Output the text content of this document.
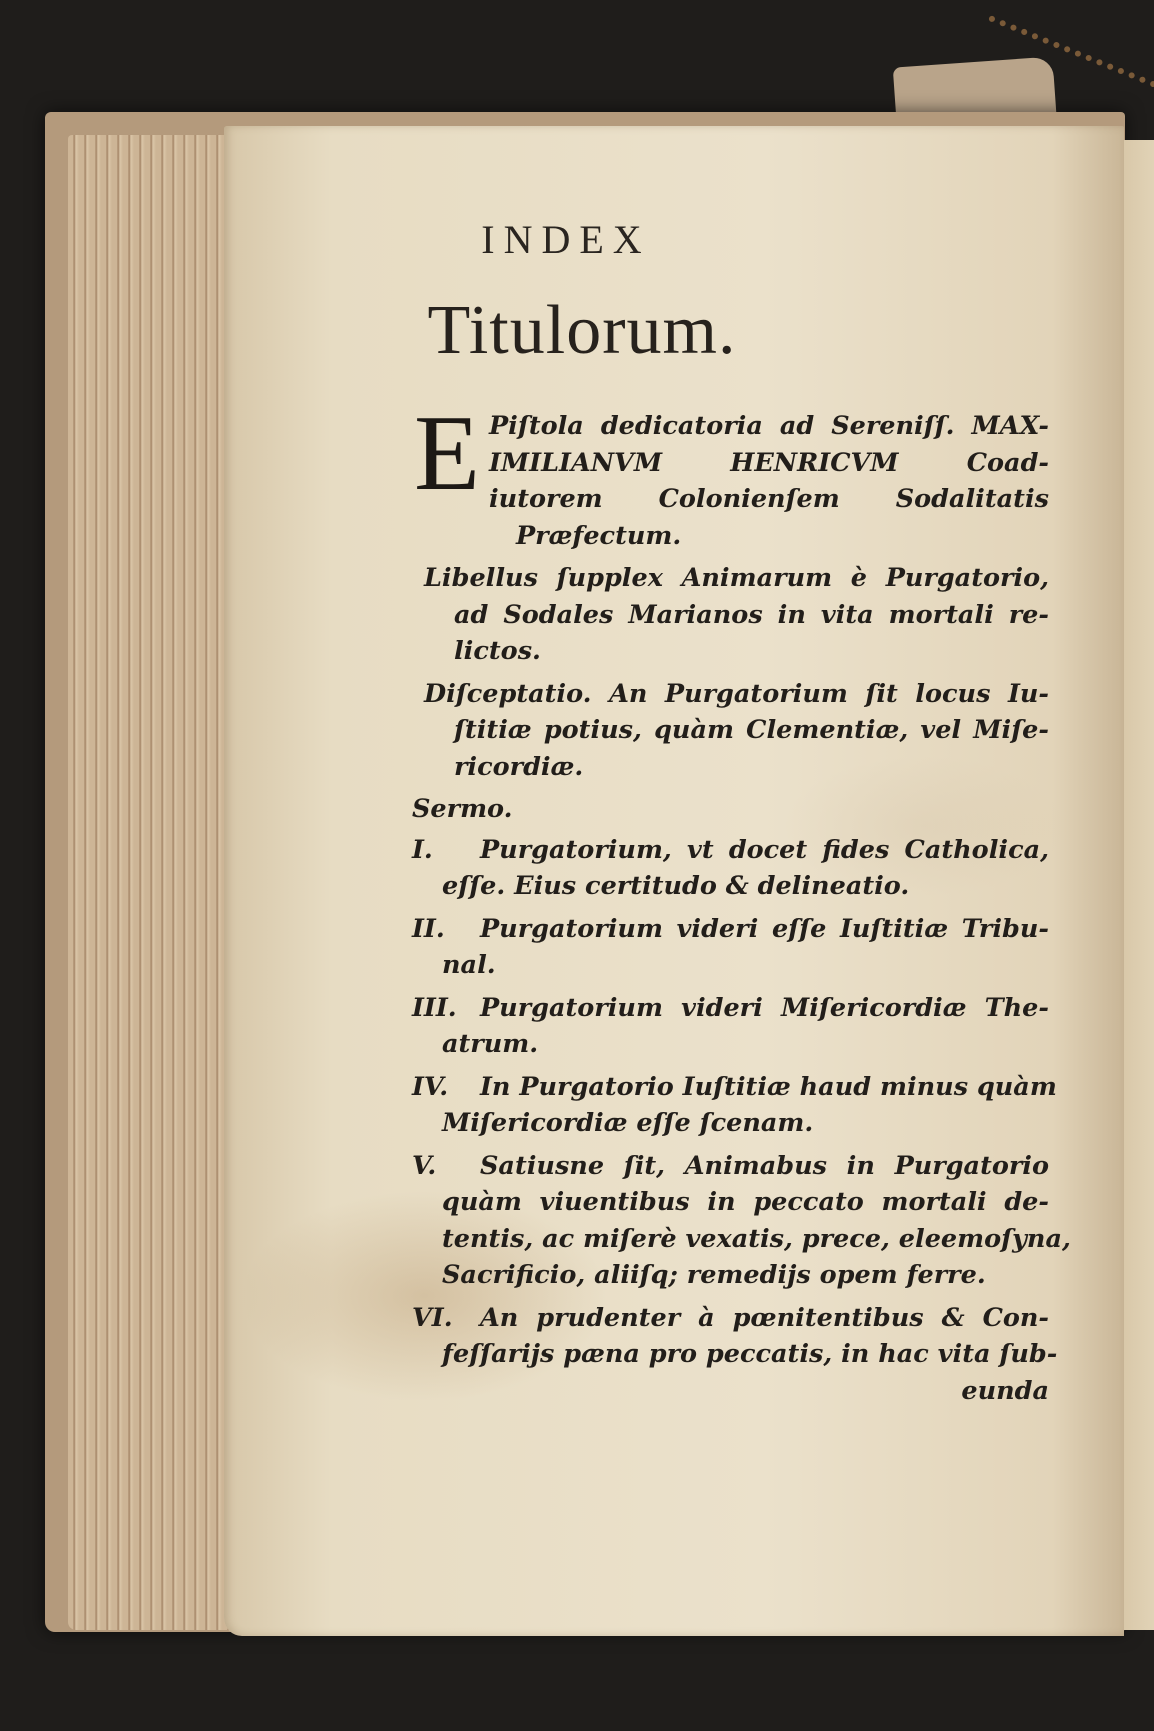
INDEX
Titulorum.
E Piſtola dedicatoria ad Sereniſſ. MAX-
IMILIANVM HENRICVM Coad-
iutorem Colonienſem Sodalitatis
Præfectum.
Libellus ſupplex Animarum è Purgatorio,
ad Sodales Marianos in vita mortali re-
lictos.
Diſceptatio. An Purgatorium ſit locus Iu-
ſtitiæ potius, quàm Clementiæ, vel Miſe-
ricordiæ.
Sermo.
I. Purgatorium, vt docet fides Catholica,
eſſe. Eius certitudo & delineatio.
II. Purgatorium videri eſſe Iuſtitiæ Tribu-
nal.
III. Purgatorium videri Miſericordiæ The-
atrum.
IV. In Purgatorio Iuſtitiæ haud minus quàm
Miſericordiæ eſſe ſcenam.
V. Satiusne ſit, Animabus in Purgatorio
quàm viuentibus in peccato mortali de-
tentis, ac miſerè vexatis, prece, eleemoſyna,
Sacrificio, aliiſq; remedijs opem ferre.
VI. An prudenter à pœnitentibus & Con-
feſſarijs pæna pro peccatis, in hac vita ſub-
eunda
